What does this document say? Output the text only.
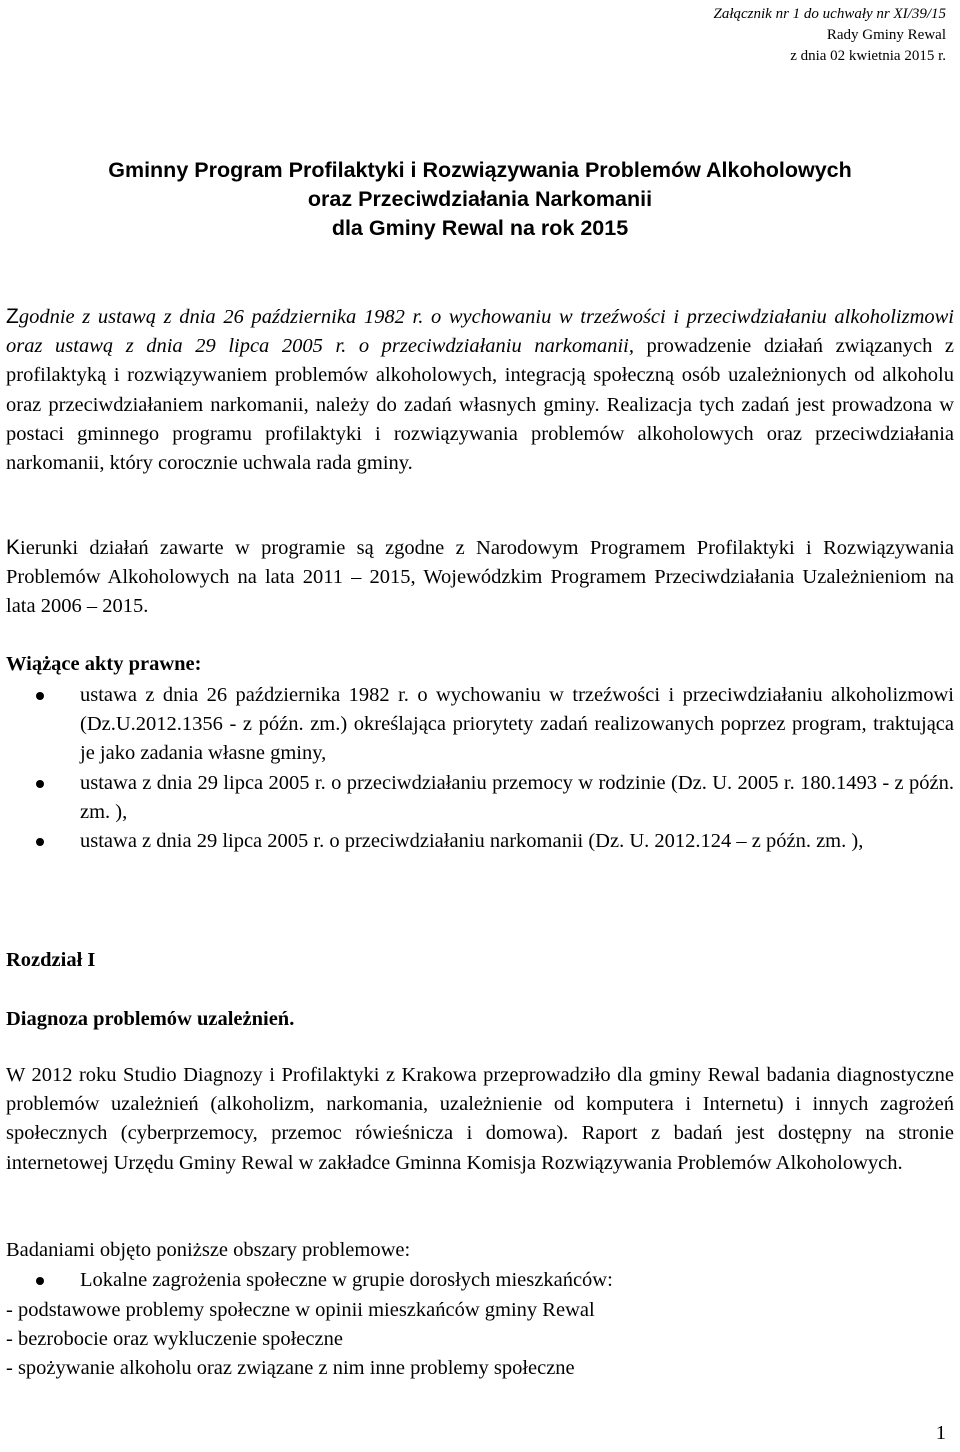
Załącznik nr 1 do uchwały nr XI/39/15
Rady Gminy Rewal
z dnia 02 kwietnia 2015 r.
Gminny Program Profilaktyki i Rozwiązywania Problemów Alkoholowych
oraz Przeciwdziałania Narkomanii
dla Gminy Rewal na rok 2015

Zgodnie z ustawą z dnia 26 października 1982 r. o wychowaniu w trzeźwości i przeciwdziałaniu alkoholizmowi oraz ustawą z dnia 29 lipca 2005 r. o przeciwdziałaniu narkomanii, prowadzenie działań związanych z profilaktyką i rozwiązywaniem problemów alkoholowych, integracją społeczną osób uzależnionych od alkoholu oraz przeciwdziałaniem narkomanii, należy do zadań własnych gminy. Realizacja tych zadań jest prowadzona w postaci gminnego programu profilaktyki i rozwiązywania problemów alkoholowych oraz przeciwdziałania narkomanii, który corocznie uchwala rada gminy.

Kierunki działań zawarte w programie są zgodne z Narodowym Programem Profilaktyki i Rozwiązywania Problemów Alkoholowych na lata 2011 – 2015, Wojewódzkim Programem Przeciwdziałania Uzależnieniom na lata 2006 – 2015.

Wiążące akty prawne:

ustawa z dnia 26 października 1982 r. o wychowaniu w trzeźwości i przeciwdziałaniu alkoholizmowi (Dz.U.2012.1356 - z późn. zm.) określająca priorytety zadań realizowanych poprzez program, traktująca je jako zadania własne gminy,
ustawa z dnia 29 lipca 2005 r. o przeciwdziałaniu przemocy w rodzinie (Dz. U. 2005 r. 180.1493 - z późn. zm. ),
ustawa z dnia 29 lipca 2005 r. o przeciwdziałaniu narkomanii (Dz. U. 2012.124 – z późn. zm. ),

Rozdział I

Diagnoza problemów uzależnień.

W 2012 roku Studio Diagnozy i Profilaktyki z Krakowa przeprowadziło dla gminy Rewal badania diagnostyczne problemów uzależnień (alkoholizm, narkomania, uzależnienie od komputera i Internetu) i innych zagrożeń społecznych (cyberprzemocy, przemoc rówieśnicza i domowa). Raport z badań jest dostępny na stronie internetowej Urzędu Gminy Rewal w zakładce Gminna Komisja Rozwiązywania Problemów Alkoholowych.

Badaniami objęto poniższe obszary problemowe:

Lokalne zagrożenia społeczne w grupie dorosłych mieszkańców:

- podstawowe problemy społeczne w opinii mieszkańców gminy Rewal

- bezrobocie oraz wykluczenie społeczne

- spożywanie alkoholu oraz związane z nim inne problemy społeczne

1
